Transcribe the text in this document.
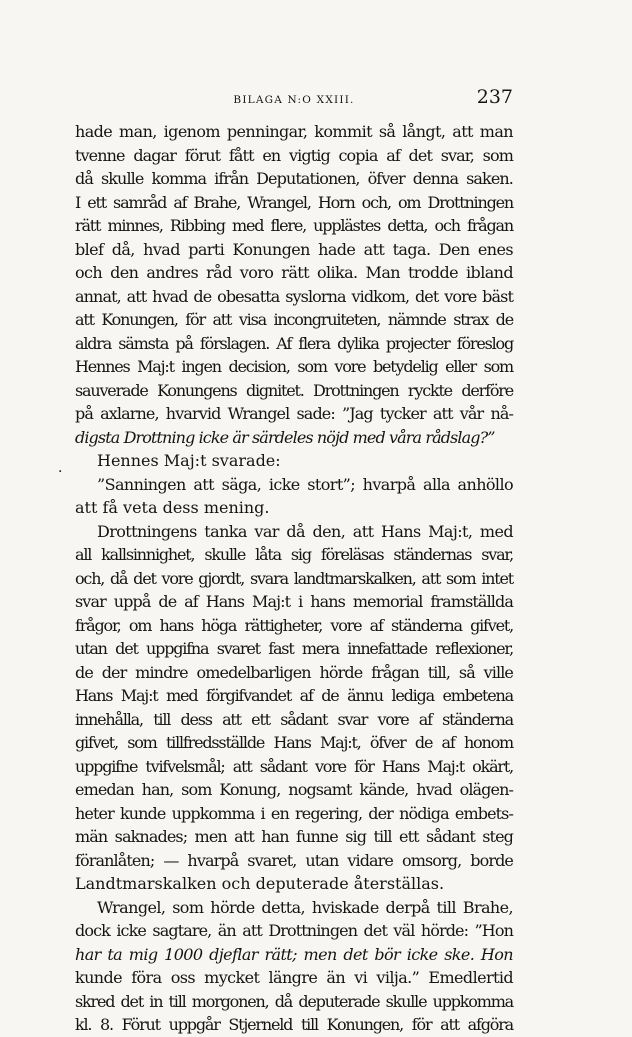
BILAGA N:O XXIII.	237
·
hade man, igenom penningar, kommit så långt, att man
tvenne dagar förut fått en vigtig copia af det svar, som
då skulle komma ifrån Deputationen, öfver denna saken.
I ett samråd af Brahe, Wrangel, Horn och, om Drottningen
rätt minnes, Ribbing med flere, upplästes detta, och frågan
blef då, hvad parti Konungen hade att taga. Den enes
och den andres råd voro rätt olika. Man trodde ibland
annat, att hvad de obesatta syslorna vidkom, det vore bäst
att Konungen, för att visa incongruiteten, nämnde strax de
aldra sämsta på förslagen. Af flera dylika projecter föreslog
Hennes Maj:t ingen decision, som vore betydelig eller som
sauverade Konungens dignitet. Drottningen ryckte derföre
på axlarne, hvarvid Wrangel sade: ”Jag tycker att vår nå-
digsta Drottning icke är särdeles nöjd med våra rådslag?”
Hennes Maj:t svarade:
”Sanningen att säga, icke stort”; hvarpå alla anhöllo
att få veta dess mening.
Drottningens tanka var då den, att Hans Maj:t, med
all kallsinnighet, skulle låta sig föreläsas ständernas svar,
och, då det vore gjordt, svara landtmarskalken, att som intet
svar uppå de af Hans Maj:t i hans memorial framställda
frågor, om hans höga rättigheter, vore af ständerna gifvet,
utan det uppgifna svaret fast mera innefattade reflexioner,
de der mindre omedelbarligen hörde frågan till, så ville
Hans Maj:t med förgifvandet af de ännu lediga embetena
innehålla, till dess att ett sådant svar vore af ständerna
gifvet, som tillfredsställde Hans Maj:t, öfver de af honom
uppgifne tvifvelsmål; att sådant vore för Hans Maj:t okärt,
emedan han, som Konung, nogsamt kände, hvad olägen-
heter kunde uppkomma i en regering, der nödiga embets-
män saknades; men att han funne sig till ett sådant steg
föranlåten; — hvarpå svaret, utan vidare omsorg, borde
Landtmarskalken och deputerade återställas.
Wrangel, som hörde detta, hviskade derpå till Brahe,
dock icke sagtare, än att Drottningen det väl hörde: ”Hon
har ta mig 1000 djeflar rätt; men det bör icke ske. Hon
kunde föra oss mycket längre än vi vilja.” Emedlertid
skred det in till morgonen, då deputerade skulle uppkomma
kl. 8. Förut uppgår Stjerneld till Konungen, för att afgöra
